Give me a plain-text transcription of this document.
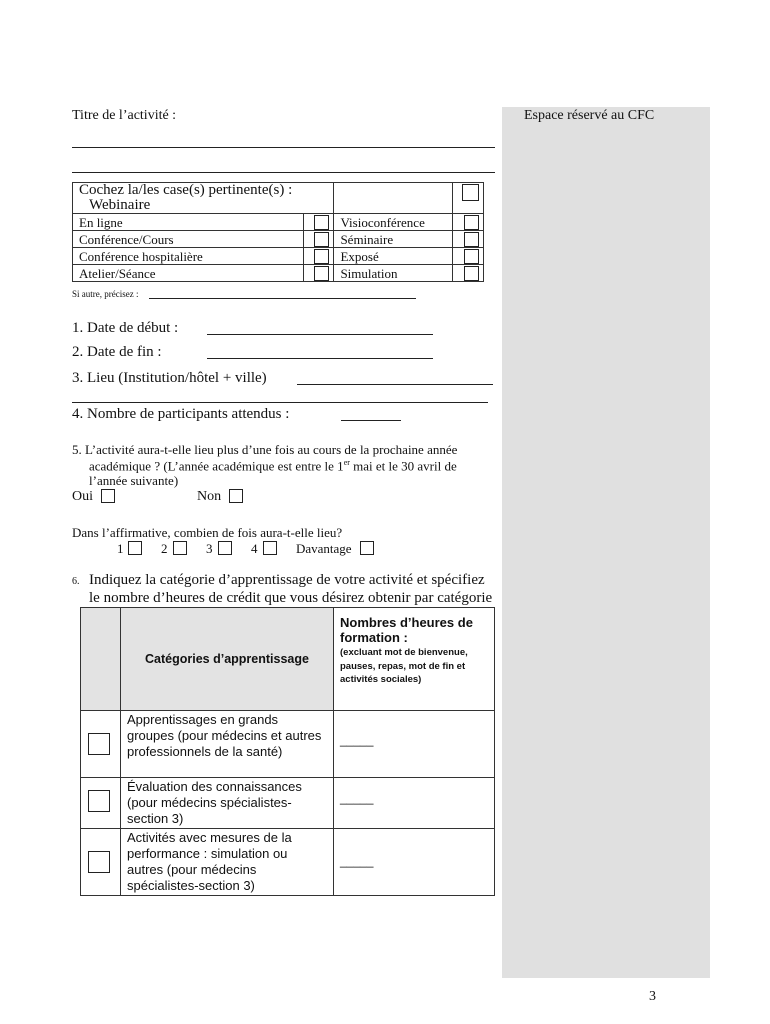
Espace réservé au CFC
Titre de l’activité :
Cochez la/les case(s) pertinente(s) : Webinaire			

En ligne		Visioconférence	

Conférence/Cours		Séminaire	

Conférence hospitalière		Exposé	

Atelier/Séance		Simulation	
Si autre, précisez :
1. Date de début :
2. Date de fin :
3. Lieu (Institution/hôtel + ville)
4. Nombre de participants attendus :
5. L’activité aura-t-elle lieu plus d’une fois au cours de la prochaine année
académique ? (L’année académique est entre le 1er mai et le 30 avril de
l’année suivante)
Oui	Non
Dans l’affirmative, combien de fois aura-t-elle lieu?
1	2	3	4	Davantage
6. Indiquez la catégorie d’apprentissage de votre activité et spécifiez
le nombre d’heures de crédit que vous désirez obtenir par catégorie
	Catégories d’apprentissage	Nombres d’heures de formation :
(excluant mot de bienvenue, pauses, repas, mot de fin et activités sociales)

	Apprentissages en grands groupes (pour médecins et autres professionnels de la santé)	_____

	Évaluation des connaissances (pour médecins spécialistes-section 3)	_____

	Activités avec mesures de la performance : simulation ou autres (pour médecins spécialistes-section 3)	_____
3
